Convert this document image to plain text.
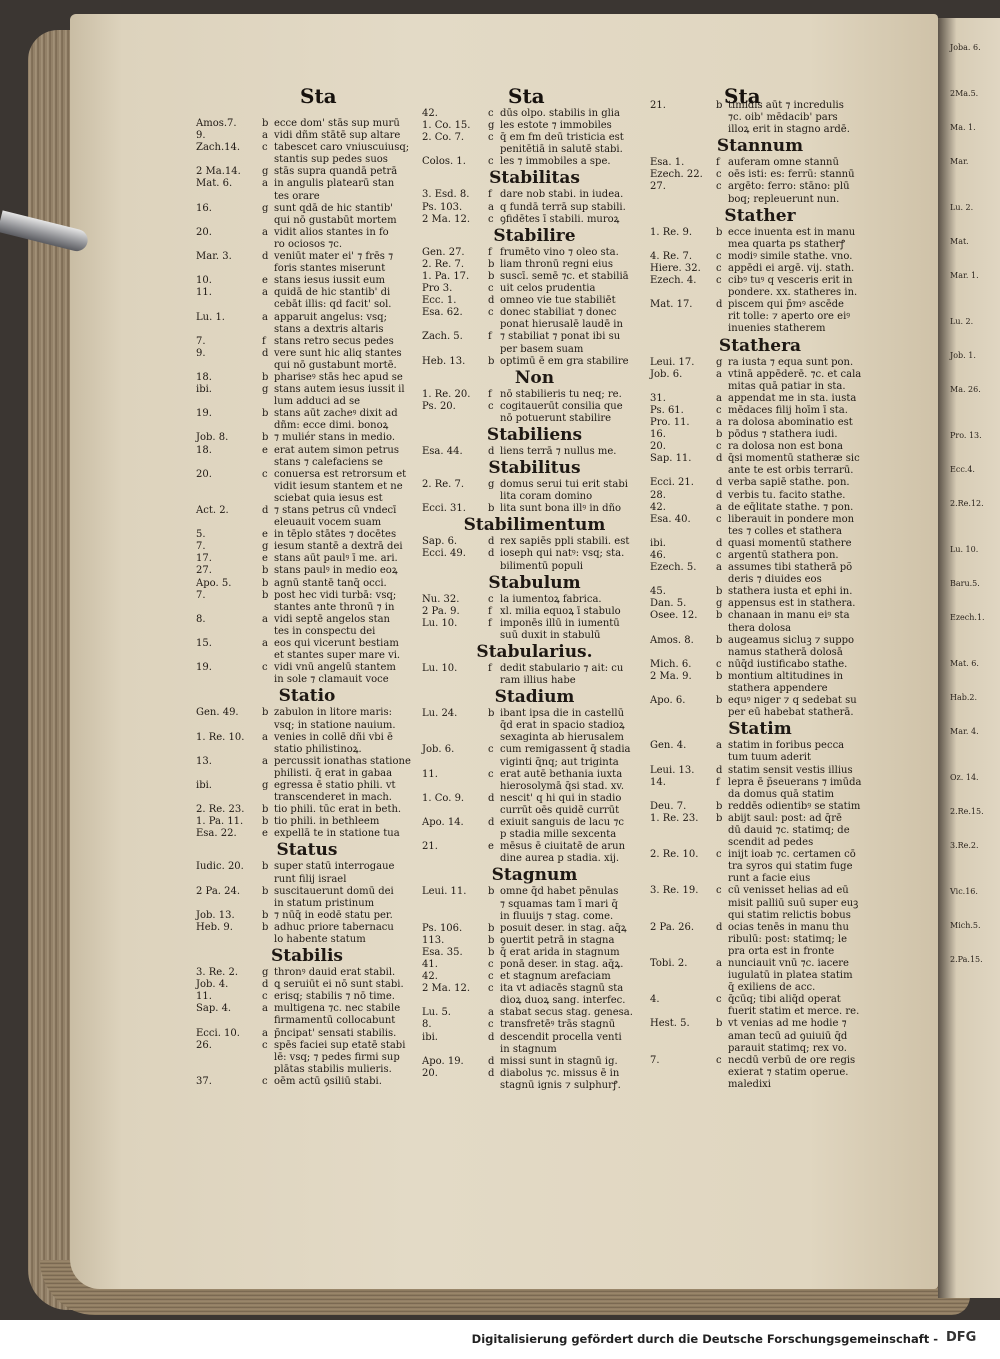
Joba. 6.
2Ma.5.
Ma. 1.
Mar.
Lu. 2.
Mat.
Mar. 1.
Lu. 2.
Job. 1.
Ma. 26.
Pro. 13.
Ecc.4.
2.Re.12.
Lu. 10.
Baru.5.
Ezech.1.
Mat. 6.
Hab.2.
Mar. 4.
Oz. 14.
2.Re.15.
3.Re.2.
Vic.16.
Mich.5.
2.Pa.15.
Sta	Sta	Sta
Amos.7.	b ecce dom' stās sup murū
9.	a vidi dñm stātē sup altare
Zach.14. c tabescet caro vniuscuiusq;
stantis sup pedes suos
2 Ma.14. g stās supra quandā petrā
Mat. 6.	a in angulis platearū stan
tes orare
16.	g sunt qdā de hic stantib'
qui nō gustabūt mortem
20.	a vidit alios stantes in fo
ro ociosos ⁊c.
Mar. 3.	d veniūt mater ei' ⁊ frēs ⁊
foris stantes miserunt
10.	e stans iesus iussit eum
11.	a quidā de hic stantib' di
cebāt illis: qd facit' sol.
Lu. 1.	a apparuit angelus: vsq;
stans a dextris altaris
7.	f stans retro secus pedes
9.	d vere sunt hic aliq stantes
qui nō gustabunt mortē.
18.	b phariseꝰ stās hec apud se
ibi.	g stans autem iesus iussit il
lum adduci ad se
19.	b stans aūt zacheꝰ dixit ad
dñm: ecce dimi. bonoꝝ
Job. 8.	b ⁊ muliér stans in medio.
18.	e erat autem simon petrus
stans ⁊ calefaciens se
20.	c conuersa est retrorsum et
vidit iesum stantem et ne
sciebat quia iesus est
Act. 2.	d ⁊ stans petrus cū vndecī
eleuauit vocem suam
5.	e in tēplo stātes ⁊ docētes
7.	g iesum stantē a dextrā dei
17.	e stans aūt paulꝰ ī me. ari.
27.	b stans paulꝰ in medio eoꝝ
Apo. 5.	b agnū stantē tanq̄ occi.
7.	b post hec vidi turbā: vsq;
stantes ante thronū ⁊ in
8.	a vidi septē angelos stan
tes in conspectu dei
15.	a eos qui vicerunt bestiam
et stantes super mare vi.
19.	c vidi vnū angelū stantem
in sole ⁊ clamauit voce
Statio
Gen. 49. b zabulon in litore maris:
vsq; in statione nauium.
1. Re. 10. a venies in collē dñi vbi ē
statio philistinoꝝ.
13.	a percussit ionathas statione
philisti. q̄ erat in gabaa
ibi.	g egressa ē statio phili. vt
transcenderet in mach.
2. Re. 23. b tio phili. tūc erat in beth.
1. Pa. 11. b tio phili. in bethleem
Esa. 22.	e expellā te in statione tua
Status
Iudic. 20. b super statū interrogaue
runt filij israel
2 Pa. 24. b suscitauerunt domū dei
in statum pristinum
Job. 13.	b ⁊ nūq̄ in eodē statu per.
Heb. 9.	b adhuc priore tabernacu
lo habente statum
Stabilis
3. Re. 2. g thronꝰ dauid erat stabil.
Job. 4.	d ꝗ seruiūt ei nō sunt stabi.
11.	c erisq; stabilis ⁊ nō time.
Sap. 4.	a multigena ⁊c. nec stabile
firmamentū collocabunt
Ecci. 10. a p̄ncipat' sensati stabilis.
26.	c spēs faciei sup etatē stabi
lē: vsq; ⁊ pedes firmi sup
plātas stabilis mulieris.
37.	c oēm actū ꝯsiliū stabi.
42.	c dūs olpo. stabilis in glia
1. Co. 15. g les estote ⁊ immobiles
2. Co. 7. c q̄ em fm deū tristicia est
penitētiā in salutē stabi.
Colos. 1. c les ⁊ immobiles a spe.
Stabilitas
3. Esd. 8. f dare nob stabi. in iudea.
Ps. 103.	a q fundā terrā sup stabili.
2 Ma. 12. c ꝯfidētes ī stabili. muroꝝ
Stabilire
Gen. 27. f frumēto vino ⁊ oleo sta.
2. Re. 7. b liam thronū regni eius
1. Pa. 17. b suscī. semē ⁊c. et stabiliā
Pro 3.	c uit celos prudentia
Ecc. 1.	d omneo vie tue stabiliēt
Esa. 62.	c donec stabiliat ⁊ donec
ponat hierusalē laudē in
Zach. 5.	f ⁊ stabiliat ⁊ ponat ibi su
per basem suam
Heb. 13. b optimū ē em gra stabilire
Non
1. Re. 20. f nō stabilieris tu neq; re.
Ps. 20.	c cogitauerūt consilia que
nō potuerunt stabilire
Stabiliens
Esa. 44.	d liens terrā ⁊ nullus me.
Stabilitus
2. Re. 7. g domus serui tui erit stabi
lita coram domino
Ecci. 31. b lita sunt bona illꝰ in dño
Stabilimentum
Sap. 6.	d rex sapiēs ppli stabili. est
Ecci. 49. d ioseph qui natꝰ: vsq; sta.
bilimentū populi
Stabulum
Nu. 32.	c la iumentoꝝ fabrica.
2 Pa. 9.	f xl. milia equoꝝ ī stabulo
Lu. 10.	f imponēs illū in iumentū
suū duxit in stabulū
Stabularius.
Lu. 10.	f dedit stabulario ⁊ ait: cu
ram illius habe
Stadium
Lu. 24.	b ibant ipsa die in castellū
q̄d erat in spacio stadioꝝ
sexaginta ab hierusalem
Job. 6.	c cum remigassent q̄ stadia
viginti q̄nq; aut triginta
11.	c erat autē bethania iuxta
hierosolymā q̄si stad. xv.
1. Co. 9. d nescit' q hi qui in stadio
currūt oēs quidē currūt
Apo. 14. d exiuit sanguis de lacu ⁊c
p stadia mille sexcenta
21.	e mēsus ē ciuitatē de arun
dine aurea p stadia. xij.
Stagnum
Leui. 11. b omne q̄d habet pēnulas
⁊ squamas tam ī mari q̄
in fluuijs ⁊ stag. come.
Ps. 106.	b posuit deser. in stag. aq̄ꝝ
113.	b ꝯuertit petrā in stagna
Esa. 35.	b q̄ erat arida in stagnum
41.	c ponā deser. in stag. aq̄ꝝ.
42.	c et stagnum arefaciam
2 Ma. 12. c ita vt adiacēs stagnū sta
dioꝝ duoꝝ sang. interfec.
Lu. 5.	a stabat secus stag. genesa.
8.	c transfretēꝰ trās stagnū
ibi.	d descendit procella venti
in stagnum
Apo. 19. d missi sunt in stagnū ig.
20.	d diabolus ⁊c. missus ē in
stagnū ignis ⁊ sulphurꝭ.
21.	b timidis aūt ⁊ incredulis
⁊c. oib' mēdacib' pars
illoꝝ erit in stagno ardē.
Stannum
Esa. 1.	f auferam omne stannū
Ezech. 22. c oēs isti: es: ferrū: stannū
27.	c argēto: ferro: stāno: plū
boq; repleuerunt nun.
Stather
1. Re. 9. b ecce inuenta est in manu
mea quarta ps statherꝭ
4. Re. 7. c modiꝰ simile stathe. vno.
Hiere. 32. c appēdi ei argē. vij. stath.
Ezech. 4. c cibꝰ tuꝰ q vesceris erit in
pondere. xx. statheres in.
Mat. 17. d piscem qui p̄mꝰ ascēde
rit tolle: ⁊ aperto ore eiꝰ
inuenies statherem
Stathera
Leui. 17. g ra iusta ⁊ equa sunt pon.
Job. 6.	a vtinā appēderē. ⁊c. et cala
mitas quā patiar in sta.
31.	a appendat me in sta. iusta
Ps. 61.	c mēdaces filij hoīm ī sta.
Pro. 11.	a ra dolosa abominatio est
16.	b pōdus ⁊ stathera iudi.
20.	c ra dolosa non est bona
Sap. 11. d q̄si momentū statheræ sic
ante te est orbis terrarū.
Ecci. 21. d verba sapiē stathe. pon.
28.	d verbis tu. facito stathe.
42.	a de eq̄litate stathe. ⁊ pon.
Esa. 40.	c liberauit in pondere mon
tes ⁊ colles et stathera
ibi.	d quasi momentū stathere
46.	c argentū stathera pon.
Ezech. 5. a assumes tibi statherā põ
deris ⁊ diuides eos
45.	b stathera iusta et ephi in.
Dan. 5.	g appensus est in stathera.
Osee. 12. b chanaan in manu eiꝰ sta
thera dolosa
Amos. 8. b augeamus sicluꝫ ⁊ suppo
namus statherā dolosā
Mich. 6. c nūq̄d iustificabo stathe.
2 Ma. 9. b montium altitudines in
stathera appendere
Apo. 6.	b equꝰ niger ⁊ q sedebat su
per eū habebat statherā.
Statim
Gen. 4.	a statim in foribus pecca
tum tuum aderit
Leui. 13. d statim sensit vestis illius
14.	f lepra ē p̄seuerans ⁊ imūda
da domus quā statim
Deu. 7.	b reddēs odientibꝰ se statim
1. Re. 23. b abijt saul: post: ad q̄rē
dū dauid ⁊c. statimq; de
scendit ad pedes
2. Re. 10. c inijt ioab ⁊c. certamen cō
tra syros qui statim fuge
runt a facie eius
3. Re. 19. c cū venisset helias ad eū
misit palliū suū super euꝫ
qui statim relictis bobus
2 Pa. 26. d ocias tenēs in manu thu
ribulū: post: statimq; le
pra orta est in fronte
Tobi. 2.	a nunciauit vnū ⁊c. iacere
iugulatū in platea statim
q̄ exiliens de acc.
4.	c q̄cūq; tibi aliq̄d operat
fuerit statim et merce. re.
Hest. 5.	b vt venias ad me hodie ⁊
aman tecū ad ꝯuiuiū q̄d
parauit statimq; rex vo.
7.	c necdū verbū de ore regis
exierat ⁊ statim operue.
maledixi
Digitalisierung gefördert durch die Deutsche Forschungsgemeinschaft - DFG
